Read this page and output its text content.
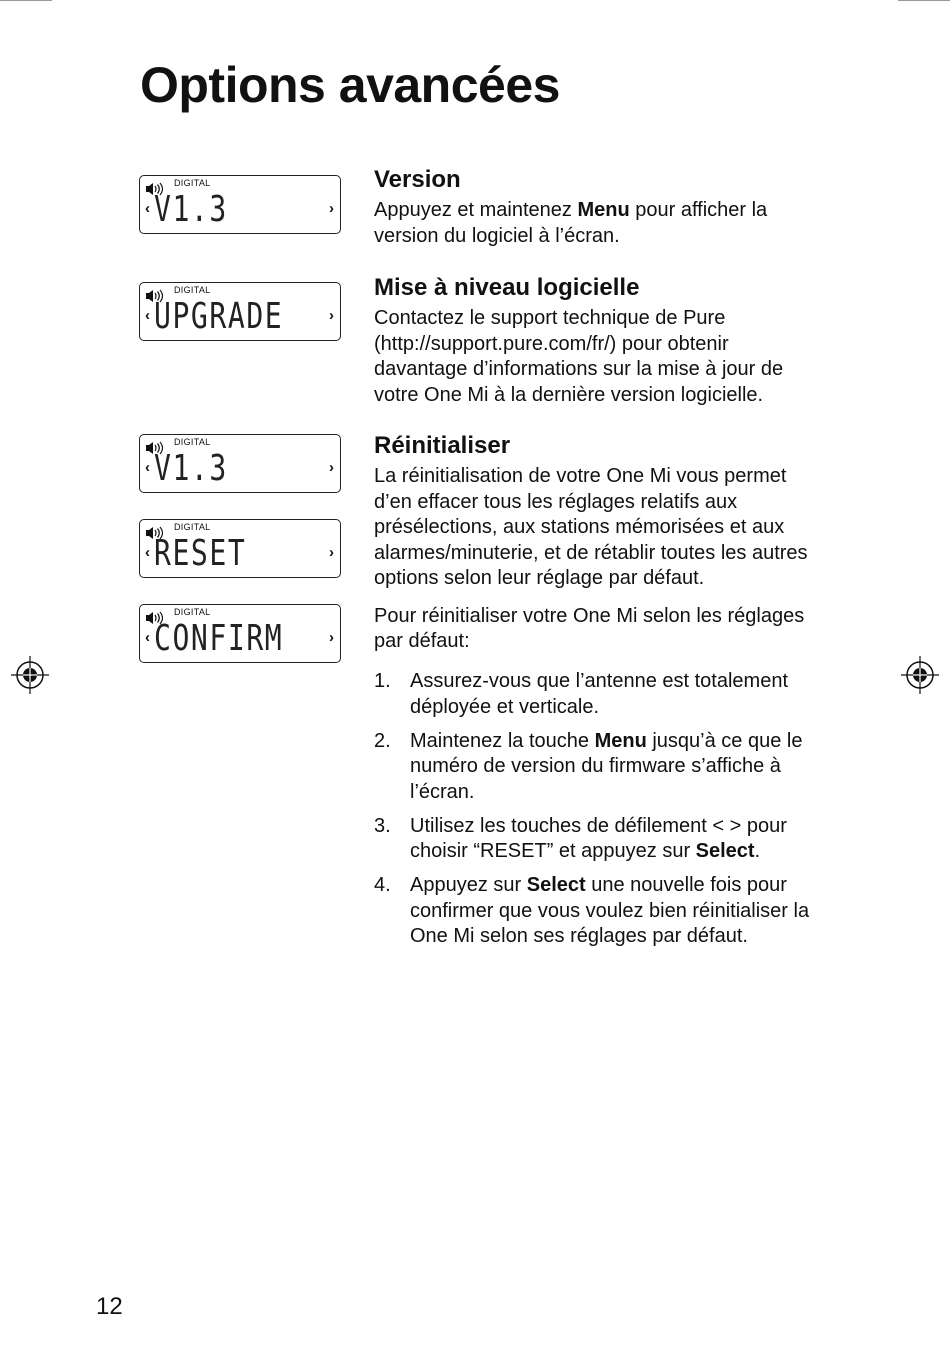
Options avancées
DIGITAL
‹ V1.3	›
DIGITAL
‹ UPGRADE	›
DIGITAL
‹ V1.3	›
DIGITAL
‹ RESET	›
DIGITAL
‹ CONFIRM	›
Version

Appuyez et maintenez Menu pour afficher la version du logiciel à l’écran.

Mise à niveau logicielle

Contactez le support technique de Pure (http://support.pure.com/fr/) pour obtenir davantage d’informations sur la mise à jour de votre One Mi à la dernière version logicielle.

Réinitialiser

La réinitialisation de votre One Mi vous permet d’en effacer tous les réglages relatifs aux présélections, aux stations mémorisées et aux alarmes/minuterie, et de rétablir toutes les autres options selon leur réglage par défaut.

Pour réinitialiser votre One Mi selon les réglages par défaut:

1. Assurez-vous que l’antenne est totalement déployée et verticale.
2. Maintenez la touche Menu jusqu’à ce que le numéro de version du firmware s’affiche à l’écran.
3. Utilisez les touches de défilement < > pour choisir “RESET” et appuyez sur Select.
4. Appuyez sur Select une nouvelle fois pour confirmer que vous voulez bien réinitialiser la One Mi selon ses réglages par défaut.
12
